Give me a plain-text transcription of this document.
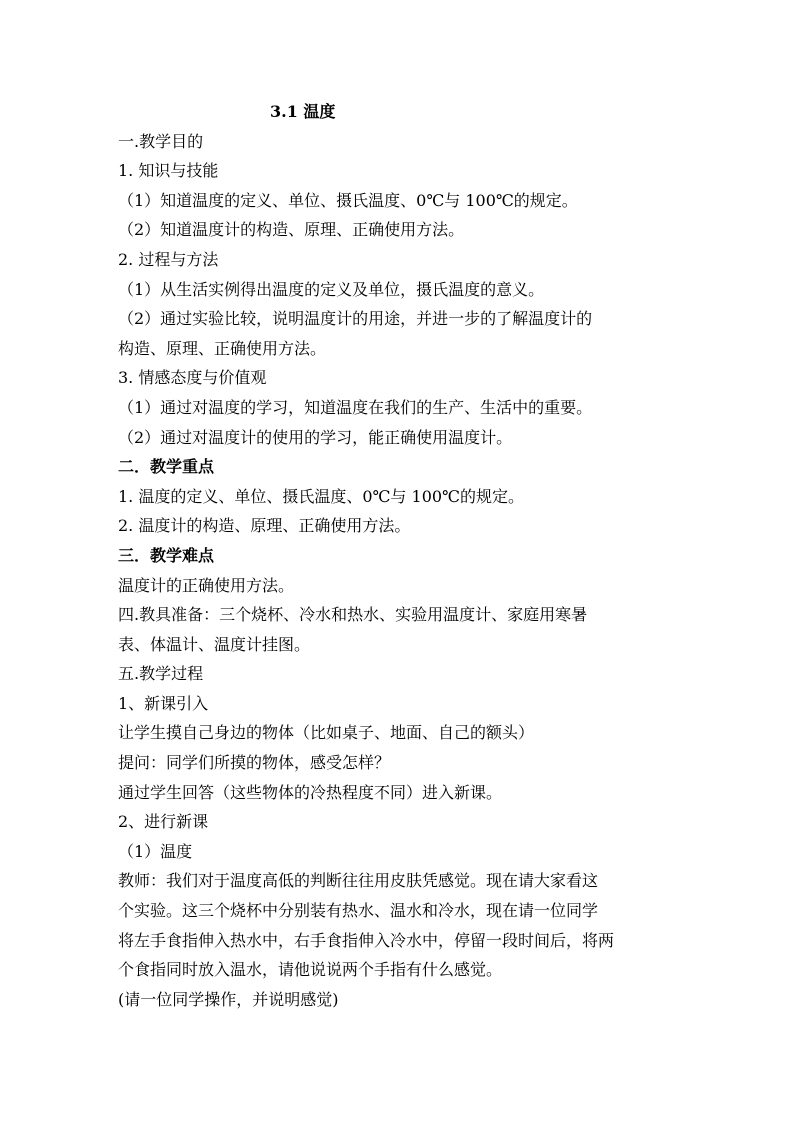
3.1 温度
一.教学目的
1. 知识与技能
（1）知道温度的定义、单位、摄氏温度、0℃与 100℃的规定。
（2）知道温度计的构造、原理、正确使用方法。
2. 过程与方法
（1）从生活实例得出温度的定义及单位，摄氏温度的意义。
（2）通过实验比较，说明温度计的用途，并进一步的了解温度计的
构造、原理、正确使用方法。
3. 情感态度与价值观
（1）通过对温度的学习，知道温度在我们的生产、生活中的重要。
（2）通过对温度计的使用的学习，能正确使用温度计。
二．教学重点
1. 温度的定义、单位、摄氏温度、0℃与 100℃的规定。
2. 温度计的构造、原理、正确使用方法。
三．教学难点
温度计的正确使用方法。
四.教具准备：三个烧杯、冷水和热水、实验用温度计、家庭用寒暑
表、体温计、温度计挂图。
五.教学过程
1、新课引入
让学生摸自己身边的物体（比如桌子、地面、自己的额头）
提问：同学们所摸的物体，感受怎样？
通过学生回答（这些物体的冷热程度不同）进入新课。
2、进行新课
（1）温度
教师：我们对于温度高低的判断往往用皮肤凭感觉。现在请大家看这
个实验。这三个烧杯中分别装有热水、温水和冷水，现在请一位同学
将左手食指伸入热水中，右手食指伸入冷水中，停留一段时间后，将两
个食指同时放入温水，请他说说两个手指有什么感觉。
(请一位同学操作，并说明感觉)
